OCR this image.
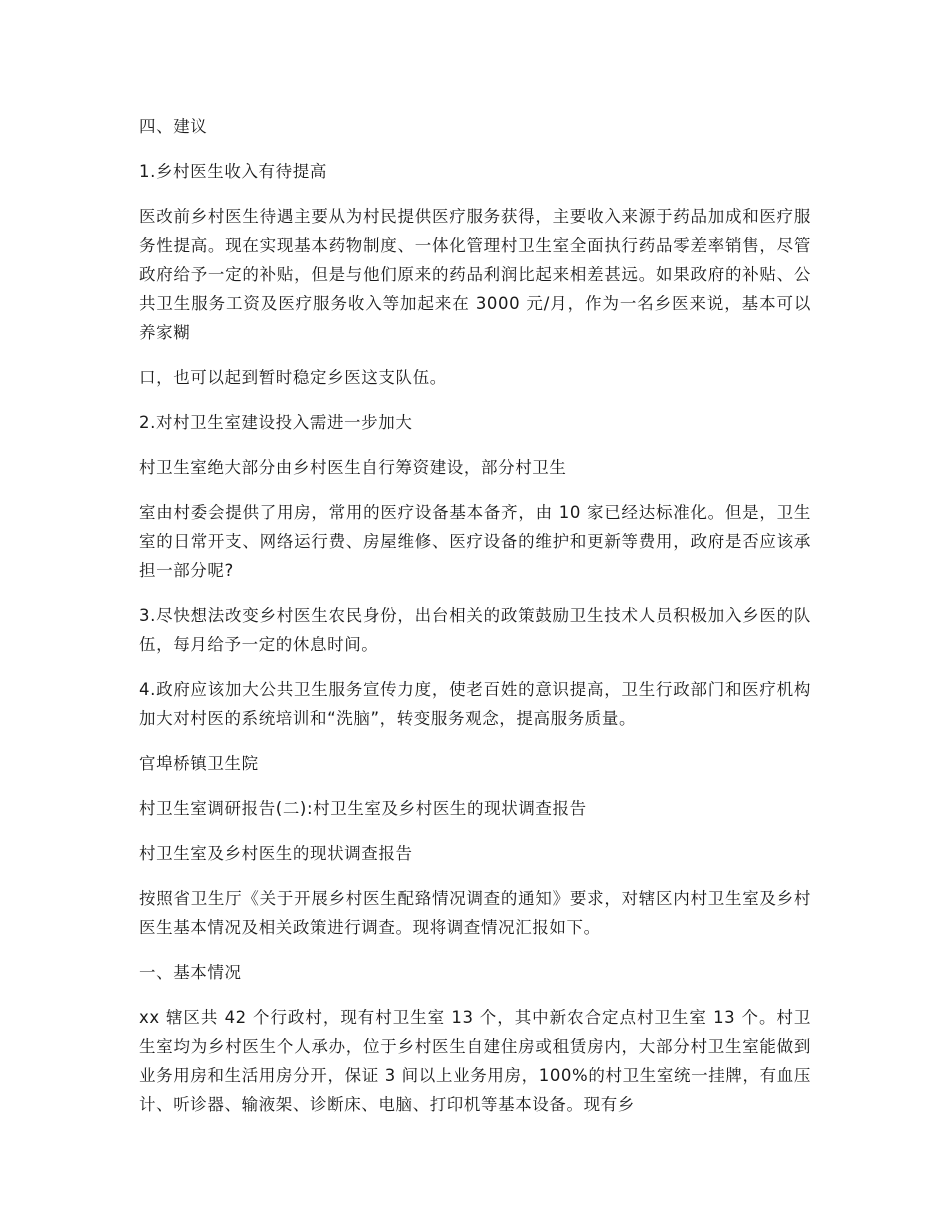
四、建议

1.乡村医生收入有待提高

医改前乡村医生待遇主要从为村民提供医疗服务获得，主要收入来源于药品加成和医疗服务性提高。现在实现基本药物制度、一体化管理村卫生室全面执行药品零差率销售，尽管政府给予一定的补贴，但是与他们原来的药品利润比起来相差甚远。如果政府的补贴、公共卫生服务工资及医疗服务收入等加起来在 3000 元/月，作为一名乡医来说，基本可以养家糊

口，也可以起到暂时稳定乡医这支队伍。

2.对村卫生室建设投入需进一步加大

村卫生室绝大部分由乡村医生自行筹资建设，部分村卫生

室由村委会提供了用房，常用的医疗设备基本备齐，由 10 家已经达标准化。但是，卫生室的日常开支、网络运行费、房屋维修、医疗设备的维护和更新等费用，政府是否应该承担一部分呢?

3.尽快想法改变乡村医生农民身份，出台相关的政策鼓励卫生技术人员积极加入乡医的队伍，每月给予一定的休息时间。

4.政府应该加大公共卫生服务宣传力度，使老百姓的意识提高，卫生行政部门和医疗机构加大对村医的系统培训和“洗脑”，转变服务观念，提高服务质量。

官埠桥镇卫生院

村卫生室调研报告(二):村卫生室及乡村医生的现状调查报告

村卫生室及乡村医生的现状调查报告

按照省卫生厅《关于开展乡村医生配臵情况调查的通知》要求，对辖区内村卫生室及乡村医生基本情况及相关政策进行调查。现将调查情况汇报如下。

一、基本情况

xx 辖区共 42 个行政村，现有村卫生室 13 个，其中新农合定点村卫生室 13 个。村卫生室均为乡村医生个人承办，位于乡村医生自建住房或租赁房内，大部分村卫生室能做到业务用房和生活用房分开，保证 3 间以上业务用房，100%的村卫生室统一挂牌，有血压计、听诊器、输液架、诊断床、电脑、打印机等基本设备。现有乡
